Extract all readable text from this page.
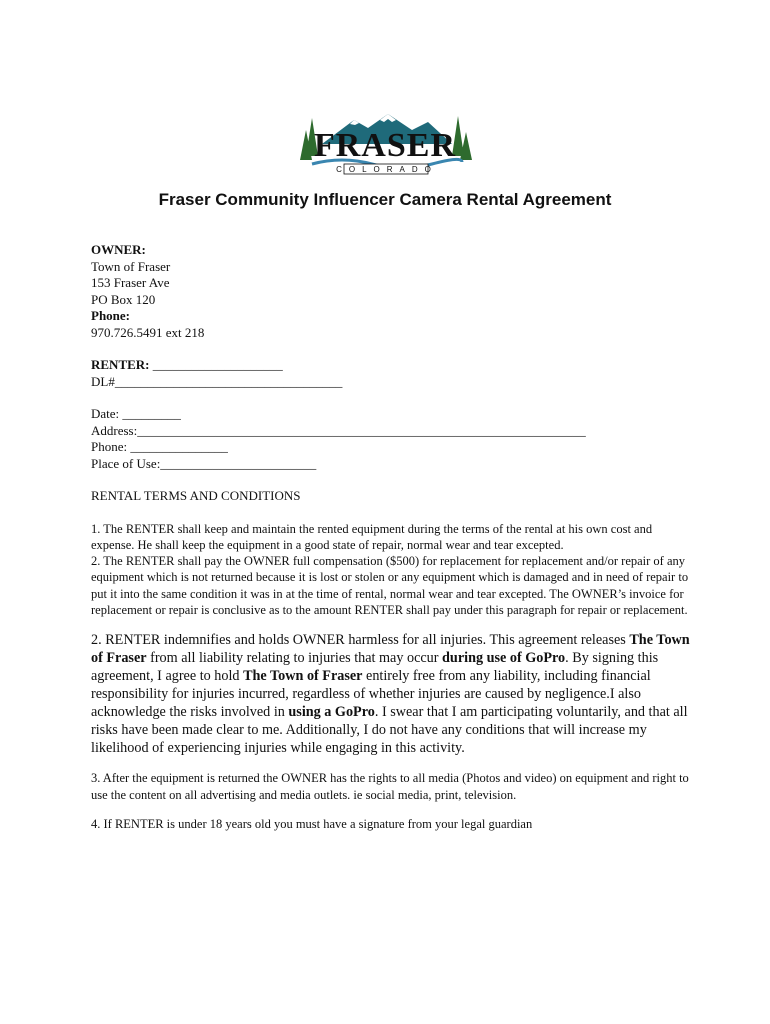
FRASER
COLORADO
Fraser Community Influencer Camera Rental Agreement
OWNER:
Town of Fraser
153 Fraser Ave
PO Box 120
Phone:
970.726.5491 ext 218
RENTER: ____________________
DL#___________________________________
Date: _________
Address:_____________________________________________________________________
Phone: _______________
Place of Use:________________________
RENTAL TERMS AND CONDITIONS
1. The RENTER shall keep and maintain the rented equipment during the terms of the rental at his own cost and expense. He shall keep the equipment in a good state of repair, normal wear and tear excepted.
2. The RENTER shall pay the OWNER full compensation ($500) for replacement for replacement and/or repair of any equipment which is not returned because it is lost or stolen or any equipment which is damaged and in need of repair to put it into the same condition it was in at the time of rental, normal wear and tear excepted. The OWNER’s invoice for replacement or repair is conclusive as to the amount RENTER shall pay under this paragraph for repair or replacement.
2. RENTER indemnifies and holds OWNER harmless for all injuries. This agreement releases The Town of Fraser from all liability relating to injuries that may occur during use of GoPro. By signing this agreement, I agree to hold The Town of Fraser entirely free from any liability, including financial responsibility for injuries incurred, regardless of whether injuries are caused by negligence.I also acknowledge the risks involved in using a GoPro. I swear that I am participating voluntarily, and that all risks have been made clear to me. Additionally, I do not have any conditions that will increase my likelihood of experiencing injuries while engaging in this activity.
3. After the equipment is returned the OWNER has the rights to all media (Photos and video) on equipment and right to use the content on all advertising and media outlets. ie social media, print, television.
4. If RENTER is under 18 years old you must have a signature from your legal guardian
